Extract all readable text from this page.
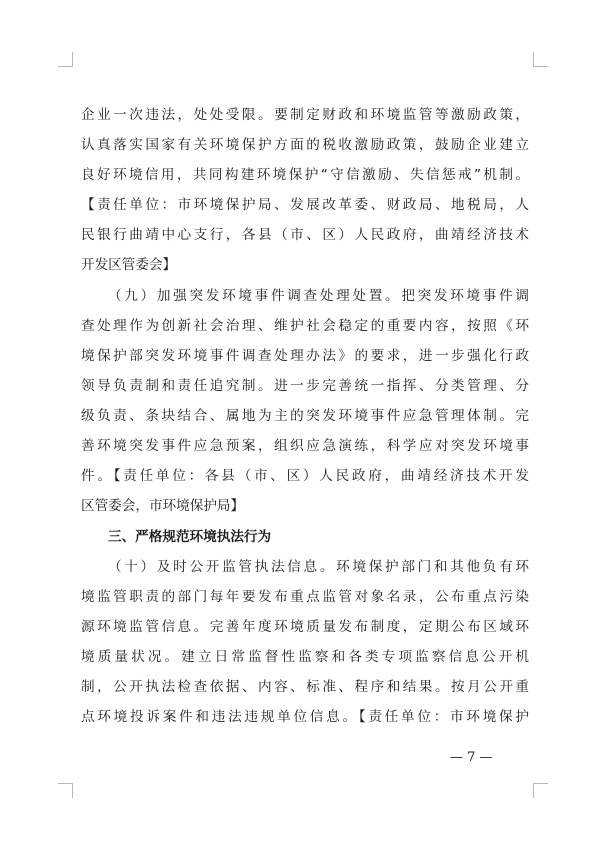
企业一次违法，处处受限。要制定财政和环境监管等激励政策，
认真落实国家有关环境保护方面的税收激励政策，鼓励企业建立
良好环境信用，共同构建环境保护“守信激励、失信惩戒”机制。
【责任单位：市环境保护局、发展改革委、财政局、地税局，人
民银行曲靖中心支行，各县（市、区）人民政府，曲靖经济技术
开发区管委会】
（九）加强突发环境事件调查处理处置。把突发环境事件调
查处理作为创新社会治理、维护社会稳定的重要内容，按照《环
境保护部突发环境事件调查处理办法》的要求，进一步强化行政
领导负责制和责任追究制。进一步完善统一指挥、分类管理、分
级负责、条块结合、属地为主的突发环境事件应急管理体制。完
善环境突发事件应急预案，组织应急演练，科学应对突发环境事
件。【责任单位：各县（市、区）人民政府，曲靖经济技术开发
区管委会，市环境保护局】
三、严格规范环境执法行为
（十）及时公开监管执法信息。环境保护部门和其他负有环
境监管职责的部门每年要发布重点监管对象名录，公布重点污染
源环境监管信息。完善年度环境质量发布制度，定期公布区域环
境质量状况。建立日常监督性监察和各类专项监察信息公开机
制，公开执法检查依据、内容、标准、程序和结果。按月公开重
点环境投诉案件和违法违规单位信息。【责任单位：市环境保护
— 7 —
